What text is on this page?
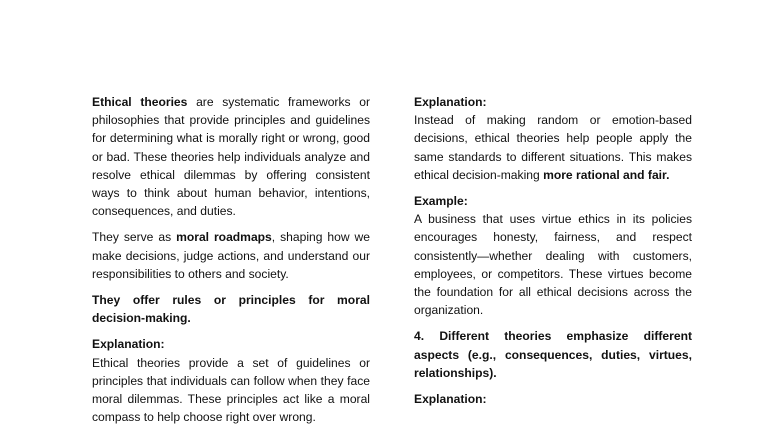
Ethical theories are systematic frameworks or philosophies that provide principles and guidelines for determining what is morally right or wrong, good or bad. These theories help individuals analyze and resolve ethical dilemmas by offering consistent ways to think about human behavior, intentions, consequences, and duties.

They serve as moral roadmaps, shaping how we make decisions, judge actions, and understand our responsibilities to others and society.

They offer rules or principles for moral decision-making.

Explanation:

Ethical theories provide a set of guidelines or principles that individuals can follow when they face moral dilemmas. These principles act like a moral compass to help choose right over wrong.

Explanation:

Instead of making random or emotion-based decisions, ethical theories help people apply the same standards to different situations. This makes ethical decision-making more rational and fair.

Example:

A business that uses virtue ethics in its policies encourages honesty, fairness, and respect consistently—whether dealing with customers, employees, or competitors. These virtues become the foundation for all ethical decisions across the organization.

4. Different theories emphasize different aspects (e.g., consequences, duties, virtues, relationships).

Explanation:
